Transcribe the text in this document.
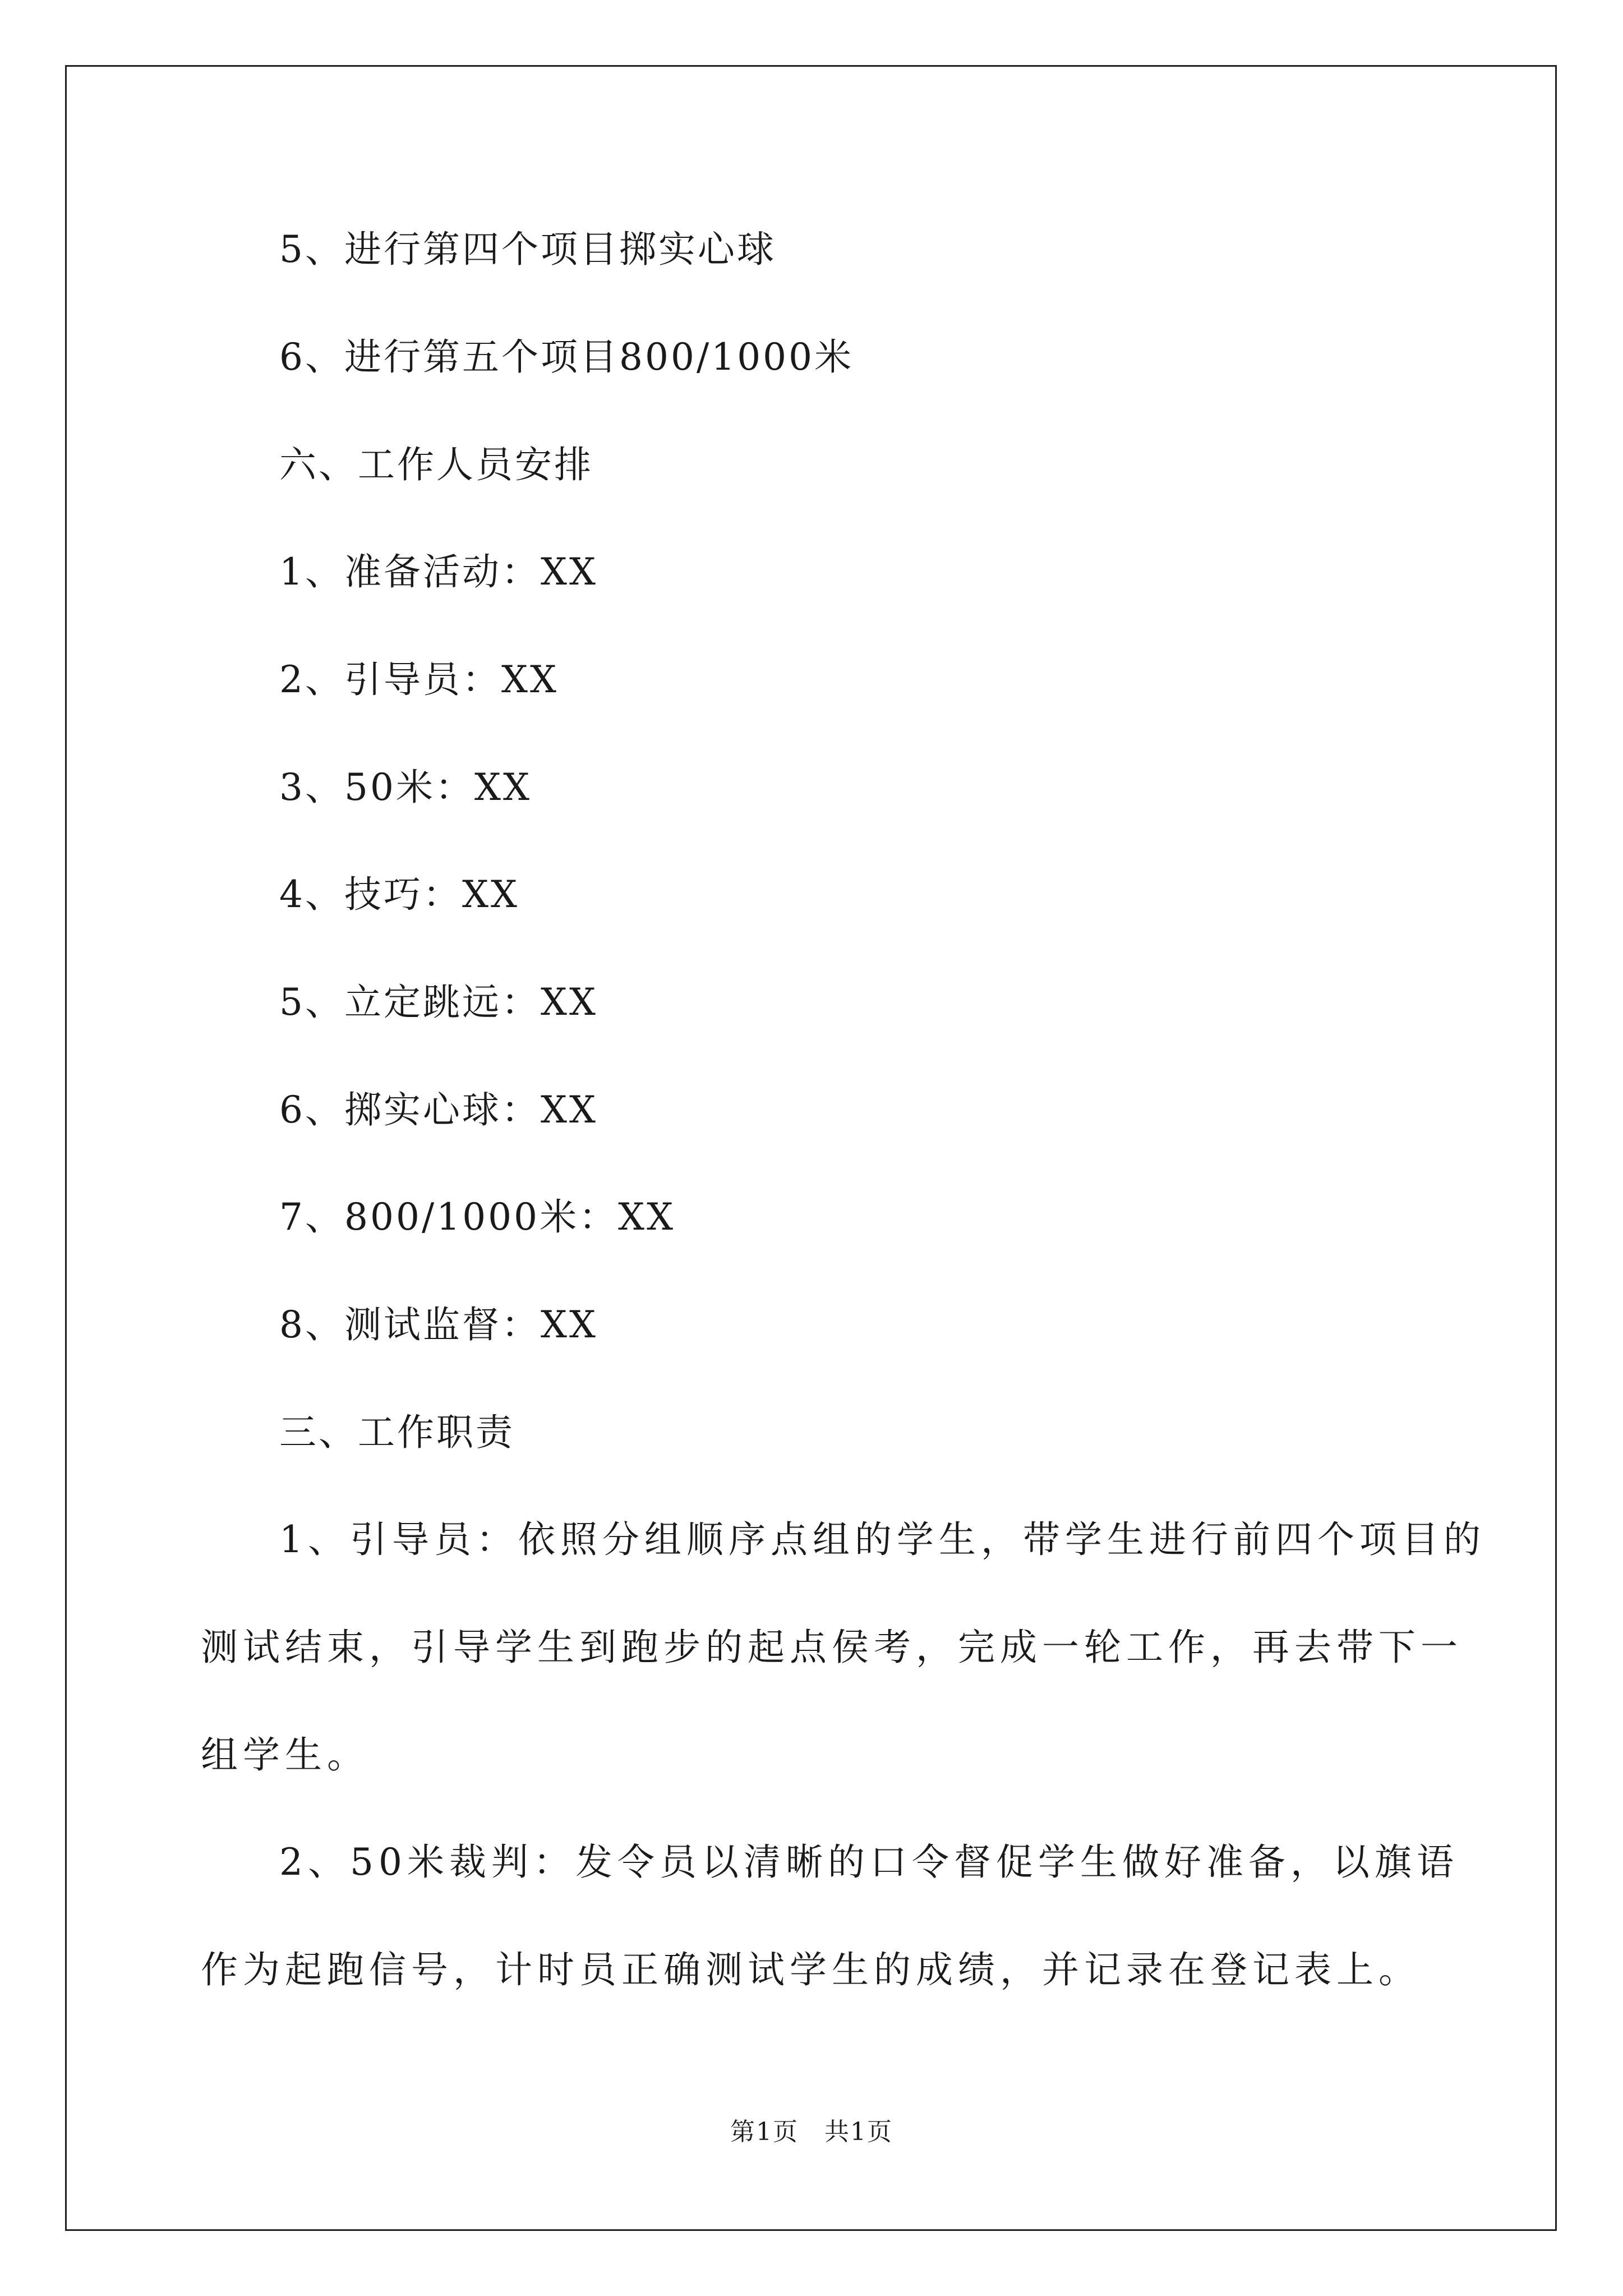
5、进行第四个项目掷实心球

6、进行第五个项目800/1000米

六、工作人员安排

1、准备活动：XX

2、引导员：XX

3、50米：XX

4、技巧：XX

5、立定跳远：XX

6、掷实心球：XX

7、800/1000米：XX

8、测试监督：XX

三、工作职责

1、引导员：依照分组顺序点组的学生，带学生进行前四个项目的

测试结束，引导学生到跑步的起点侯考，完成一轮工作，再去带下一

组学生。

2、50米裁判：发令员以清晰的口令督促学生做好准备，以旗语

作为起跑信号，计时员正确测试学生的成绩，并记录在登记表上。

第1页　共1页
